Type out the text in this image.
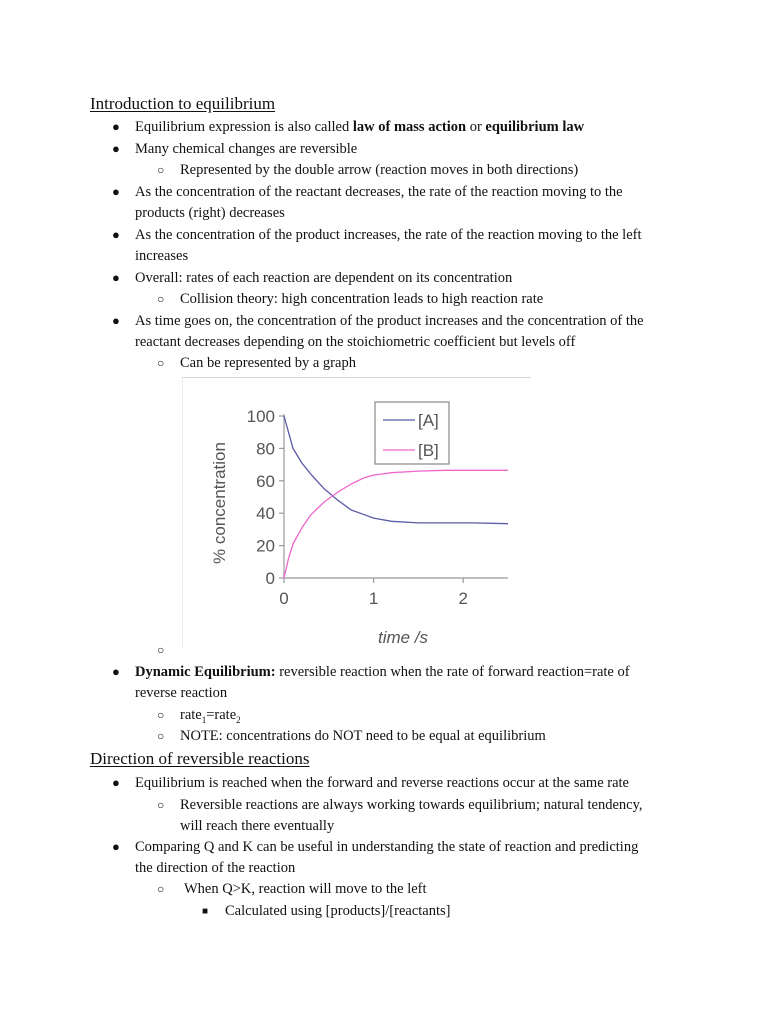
Introduction to equilibrium
● Equilibrium expression is also called law of mass action or equilibrium law
● Many chemical changes are reversible
○ Represented by the double arrow (reaction moves in both directions)
● As the concentration of the reactant decreases, the rate of the reaction moving to the
products (right) decreases
● As the concentration of the product increases, the rate of the reaction moving to the left
increases
● Overall: rates of each reaction are dependent on its concentration
○ Collision theory: high concentration leads to high reaction rate
● As time goes on, the concentration of the product increases and the concentration of the
reactant decreases depending on the stoichiometric coefficient but levels off
○ Can be represented by a graph
0
20
40
60
80
100
0	1	2
time /s
% concentration
[A]
[B]
○
● Dynamic Equilibrium: reversible reaction when the rate of forward reaction=rate of
reverse reaction
○ rate$_1$=rate$_2$
○ NOTE: concentrations do NOT need to be equal at equilibrium
Direction of reversible reactions
● Equilibrium is reached when the forward and reverse reactions occur at the same rate
○ Reversible reactions are always working towards equilibrium; natural tendency,
will reach there eventually
● Comparing Q and K can be useful in understanding the state of reaction and predicting
the direction of the reaction
○ When Q>K, reaction will move to the left
■ Calculated using [products]/[reactants]
